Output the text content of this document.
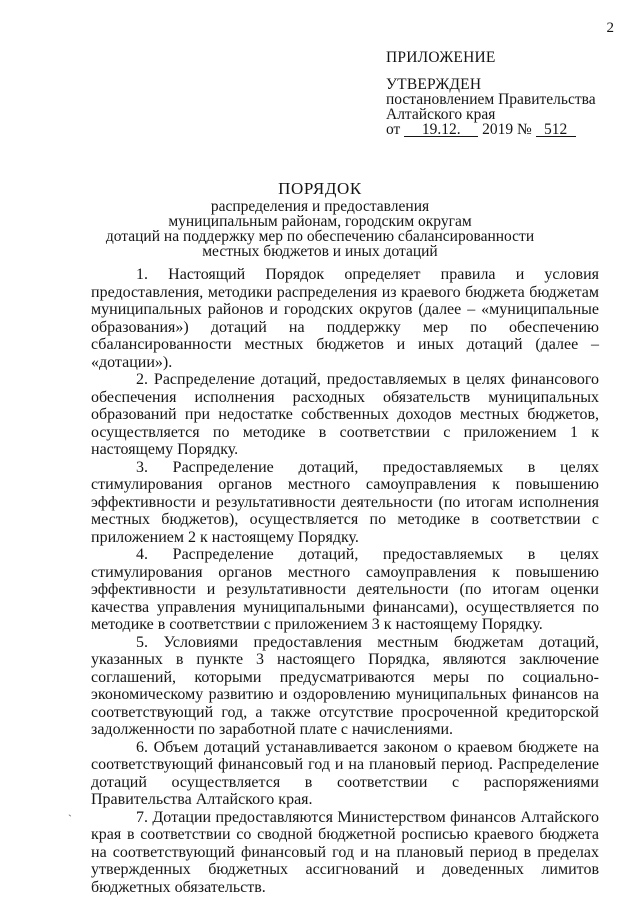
2
ПРИЛОЖЕНИЕ
УТВЕРЖДЕН
постановлением Правительства
Алтайского края
от 19.12. 2019 № 512
ПОРЯДОК
распределения и предоставления
муниципальным районам, городским округам
дотаций на поддержку мер по обеспечению сбалансированности
местных бюджетов и иных дотаций

1. Настоящий Порядок определяет правила и условия предоставления, методики распределения из краевого бюджета бюджетам муниципальных районов и городских округов (далее – «муниципальные образования») дотаций на поддержку мер по обеспечению сбалансированности местных бюджетов и иных дотаций (далее – «дотации»).

2. Распределение дотаций, предоставляемых в целях финансового обеспечения исполнения расходных обязательств муниципальных образований при недостатке собственных доходов местных бюджетов, осуществляется по методике в соответствии с приложением 1 к настоящему Порядку.

3. Распределение дотаций, предоставляемых в целях стимулирования органов местного самоуправления к повышению эффективности и результативности деятельности (по итогам исполнения местных бюджетов), осуществляется по методике в соответствии с приложением 2 к настоящему Порядку.

4. Распределение дотаций, предоставляемых в целях стимулирования органов местного самоуправления к повышению эффективности и результативности деятельности (по итогам оценки качества управления муниципальными финансами), осуществляется по методике в соответствии с приложением 3 к настоящему Порядку.

5. Условиями предоставления местным бюджетам дотаций, указанных в пункте 3 настоящего Порядка, являются заключение соглашений, которыми предусматриваются меры по социально-экономическому развитию и оздоровлению муниципальных финансов на соответствующий год, а также отсутствие просроченной кредиторской задолженности по заработной плате с начислениями.

6. Объем дотаций устанавливается законом о краевом бюджете на соответствующий финансовый год и на плановый период. Распределение дотаций осуществляется в соответствии с распоряжениями Правительства Алтайского края.

7. Дотации предоставляются Министерством финансов Алтайского края в соответствии со сводной бюджетной росписью краевого бюджета на соответствующий финансовый год и на плановый период в пределах утвержденных бюджетных ассигнований и доведенных лимитов бюджетных обязательств.

`
